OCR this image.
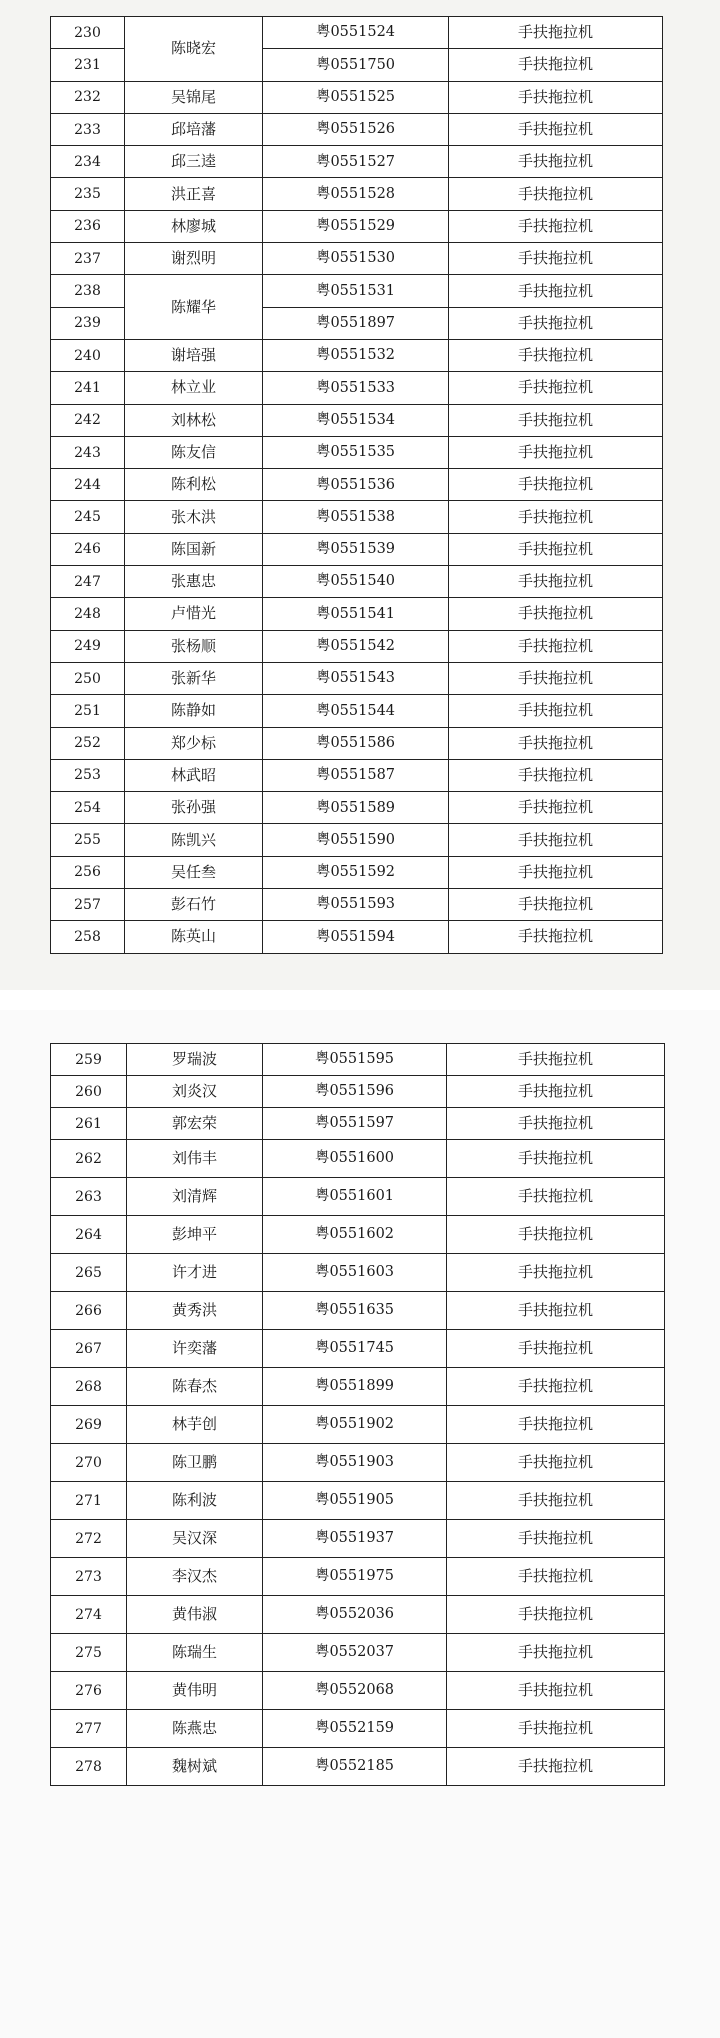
230	陈晓宏	粤0551524	手扶拖拉机
231		粤0551750	手扶拖拉机
232	吴锦尾	粤0551525	手扶拖拉机
233	邱培藩	粤0551526	手扶拖拉机
234	邱三逵	粤0551527	手扶拖拉机
235	洪正喜	粤0551528	手扶拖拉机
236	林廖城	粤0551529	手扶拖拉机
237	谢烈明	粤0551530	手扶拖拉机
238	陈耀华	粤0551531	手扶拖拉机
239		粤0551897	手扶拖拉机
240	谢培强	粤0551532	手扶拖拉机
241	林立业	粤0551533	手扶拖拉机
242	刘林松	粤0551534	手扶拖拉机
243	陈友信	粤0551535	手扶拖拉机
244	陈利松	粤0551536	手扶拖拉机
245	张木洪	粤0551538	手扶拖拉机
246	陈国新	粤0551539	手扶拖拉机
247	张惠忠	粤0551540	手扶拖拉机
248	卢惜光	粤0551541	手扶拖拉机
249	张杨顺	粤0551542	手扶拖拉机
250	张新华	粤0551543	手扶拖拉机
251	陈静如	粤0551544	手扶拖拉机
252	郑少标	粤0551586	手扶拖拉机
253	林武昭	粤0551587	手扶拖拉机
254	张孙强	粤0551589	手扶拖拉机
255	陈凯兴	粤0551590	手扶拖拉机
256	吴任叁	粤0551592	手扶拖拉机
257	彭石竹	粤0551593	手扶拖拉机
258	陈英山	粤0551594	手扶拖拉机
259	罗瑞波	粤0551595	手扶拖拉机
260	刘炎汉	粤0551596	手扶拖拉机
261	郭宏荣	粤0551597	手扶拖拉机
262	刘伟丰	粤0551600	手扶拖拉机
263	刘清辉	粤0551601	手扶拖拉机
264	彭坤平	粤0551602	手扶拖拉机
265	许才进	粤0551603	手扶拖拉机
266	黄秀洪	粤0551635	手扶拖拉机
267	许奕藩	粤0551745	手扶拖拉机
268	陈春杰	粤0551899	手扶拖拉机
269	林芋创	粤0551902	手扶拖拉机
270	陈卫鹏	粤0551903	手扶拖拉机
271	陈利波	粤0551905	手扶拖拉机
272	吴汉深	粤0551937	手扶拖拉机
273	李汉杰	粤0551975	手扶拖拉机
274	黄伟淑	粤0552036	手扶拖拉机
275	陈瑞生	粤0552037	手扶拖拉机
276	黄伟明	粤0552068	手扶拖拉机
277	陈燕忠	粤0552159	手扶拖拉机
278	魏树斌	粤0552185	手扶拖拉机
